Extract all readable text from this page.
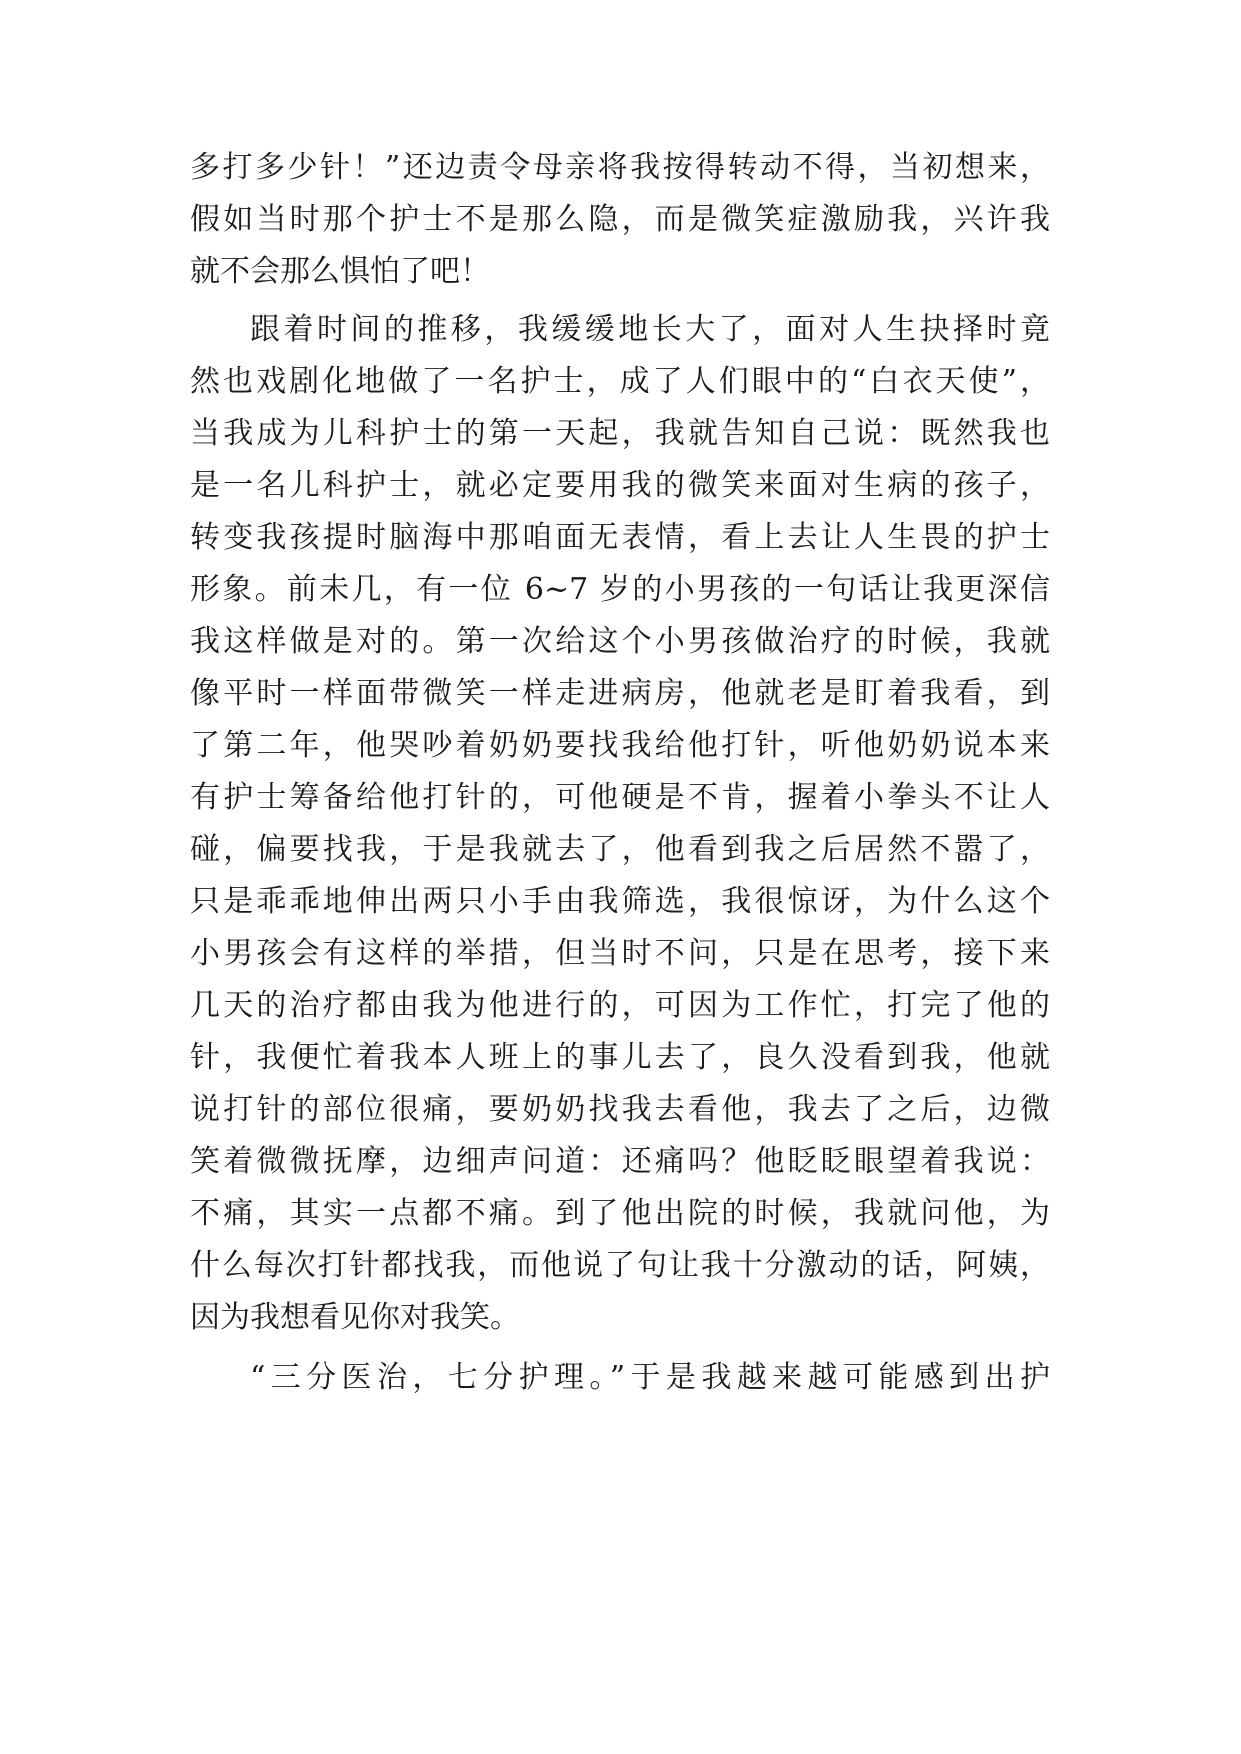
多打多少针！”还边责令母亲将我按得转动不得，当初想来，
假如当时那个护士不是那么隐，而是微笑症激励我，兴许我
就不会那么惧怕了吧！
跟着时间的推移，我缓缓地长大了，面对人生抉择时竟
然也戏剧化地做了一名护士，成了人们眼中的“白衣天使”，
当我成为儿科护士的第一天起，我就告知自己说：既然我也
是一名儿科护士，就必定要用我的微笑来面对生病的孩子，
转变我孩提时脑海中那咱面无表情，看上去让人生畏的护士
形象。前未几，有一位 6~7 岁的小男孩的一句话让我更深信
我这样做是对的。第一次给这个小男孩做治疗的时候，我就
像平时一样面带微笑一样走进病房，他就老是盯着我看，到
了第二年，他哭吵着奶奶要找我给他打针，听他奶奶说本来
有护士筹备给他打针的，可他硬是不肯，握着小拳头不让人
碰，偏要找我，于是我就去了，他看到我之后居然不嚣了，
只是乖乖地伸出两只小手由我筛选，我很惊讶，为什么这个
小男孩会有这样的举措，但当时不问，只是在思考，接下来
几天的治疗都由我为他进行的，可因为工作忙，打完了他的
针，我便忙着我本人班上的事儿去了，良久没看到我，他就
说打针的部位很痛，要奶奶找我去看他，我去了之后，边微
笑着微微抚摩，边细声问道：还痛吗？他眨眨眼望着我说：
不痛，其实一点都不痛。到了他出院的时候，我就问他，为
什么每次打针都找我，而他说了句让我十分激动的话，阿姨，
因为我想看见你对我笑。
“三分医治，七分护理。”于是我越来越可能感到出护
